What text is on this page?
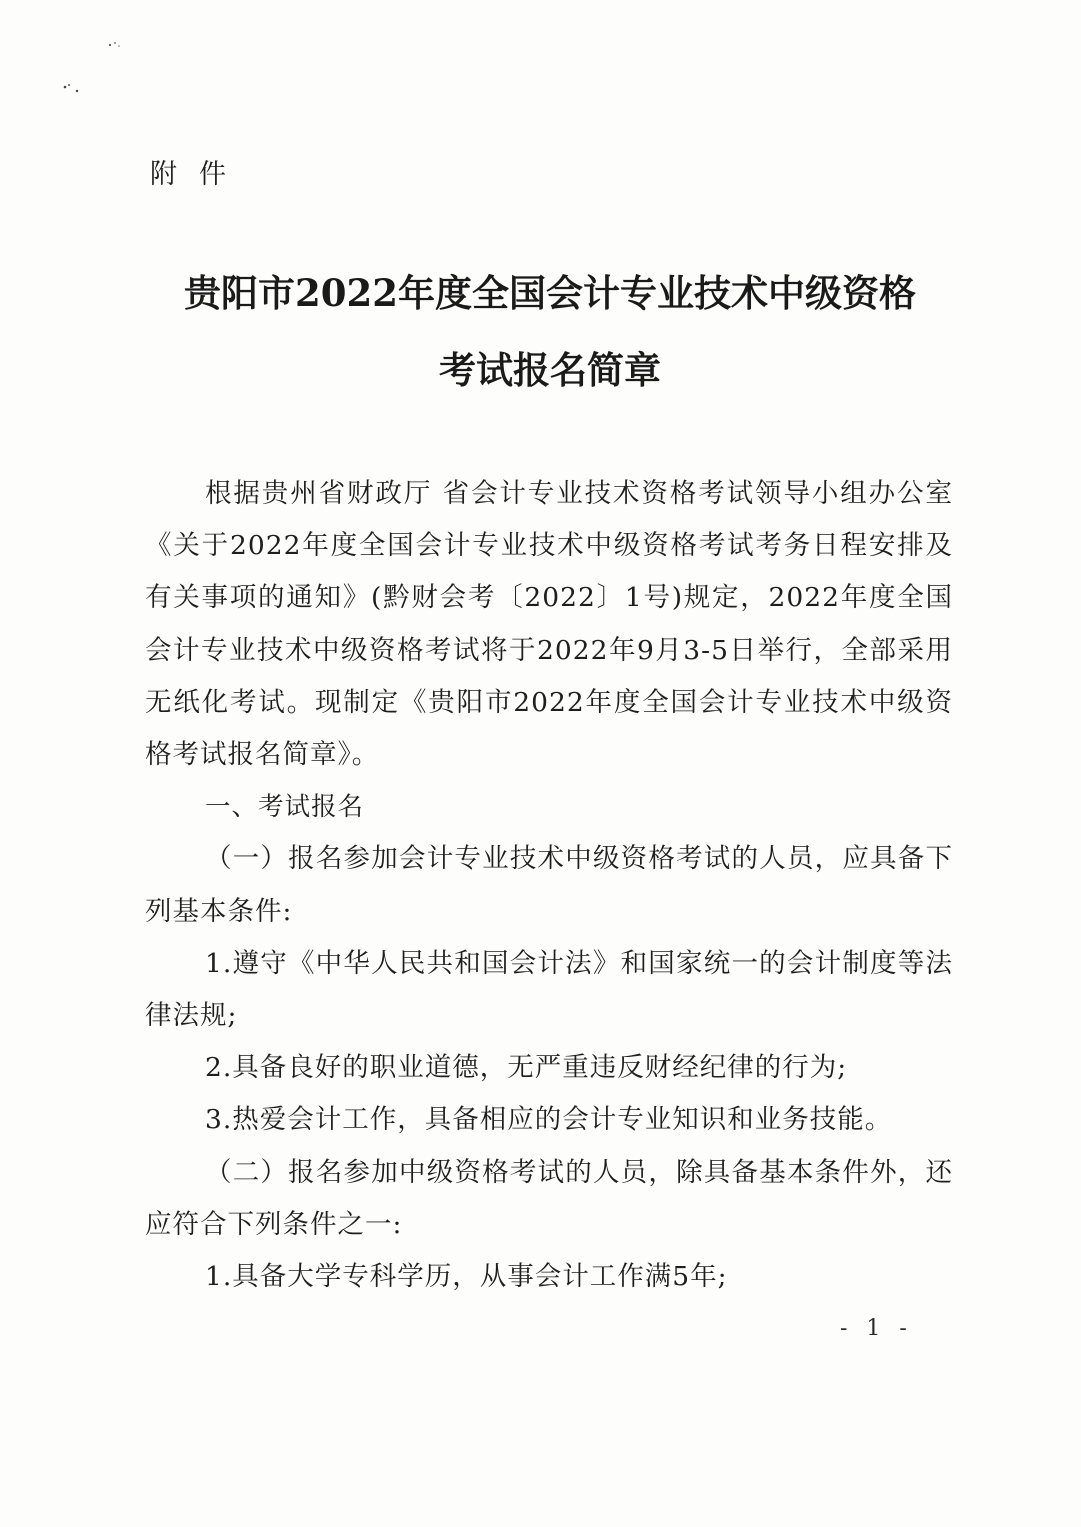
附件
贵阳市2022年度全国会计专业技术中级资格
考试报名简章

根据贵州省财政厅 省会计专业技术资格考试领导小组办公室《关于2022年度全国会计专业技术中级资格考试考务日程安排及有关事项的通知》(黔财会考〔2022〕1号)规定，2022年度全国会计专业技术中级资格考试将于2022年9月3-5日举行，全部采用无纸化考试。现制定《贵阳市2022年度全国会计专业技术中级资格考试报名简章》。

一、考试报名

（一）报名参加会计专业技术中级资格考试的人员，应具备下列基本条件:

1.遵守《中华人民共和国会计法》和国家统一的会计制度等法律法规;

2.具备良好的职业道德，无严重违反财经纪律的行为;

3.热爱会计工作，具备相应的会计专业知识和业务技能。

（二）报名参加中级资格考试的人员，除具备基本条件外，还应符合下列条件之一:

1.具备大学专科学历，从事会计工作满5年;

- 1 -
